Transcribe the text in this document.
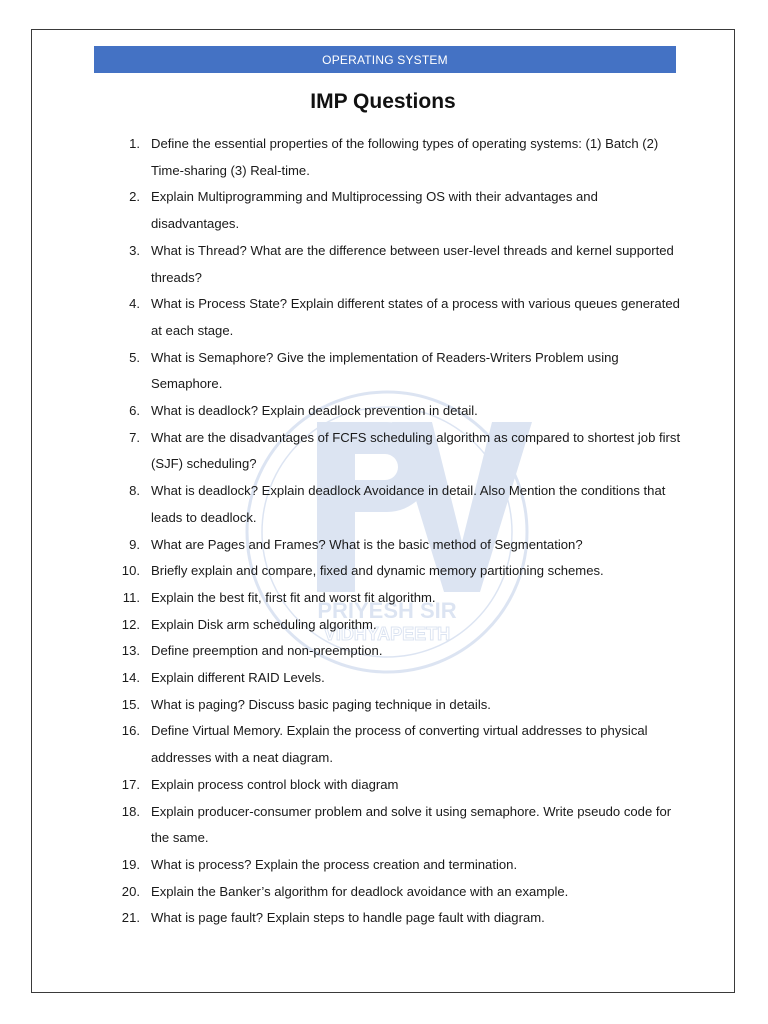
OPERATING SYSTEM
IMP Questions
PRIYESH SIR
VIDHYAPEETH
1. Define the essential properties of the following types of operating systems: (1) Batch (2) Time-sharing (3) Real-time.
2. Explain Multiprogramming and Multiprocessing OS with their advantages and disadvantages.
3. What is Thread? What are the difference between user-level threads and kernel supported threads?
4. What is Process State? Explain different states of a process with various queues generated at each stage.
5. What is Semaphore? Give the implementation of Readers-Writers Problem using Semaphore.
6. What is deadlock? Explain deadlock prevention in detail.
7. What are the disadvantages of FCFS scheduling algorithm as compared to shortest job first (SJF) scheduling?
8. What is deadlock? Explain deadlock Avoidance in detail. Also Mention the conditions that leads to deadlock.
9. What are Pages and Frames? What is the basic method of Segmentation?
10. Briefly explain and compare, fixed and dynamic memory partitioning schemes.
11. Explain the best fit, first fit and worst fit algorithm.
12. Explain Disk arm scheduling algorithm.
13. Define preemption and non-preemption.
14. Explain different RAID Levels.
15. What is paging? Discuss basic paging technique in details.
16. Define Virtual Memory. Explain the process of converting virtual addresses to physical addresses with a neat diagram.
17. Explain process control block with diagram
18. Explain producer-consumer problem and solve it using semaphore. Write pseudo code for the same.
19. What is process? Explain the process creation and termination.
20. Explain the Banker’s algorithm for deadlock avoidance with an example.
21. What is page fault? Explain steps to handle page fault with diagram.
